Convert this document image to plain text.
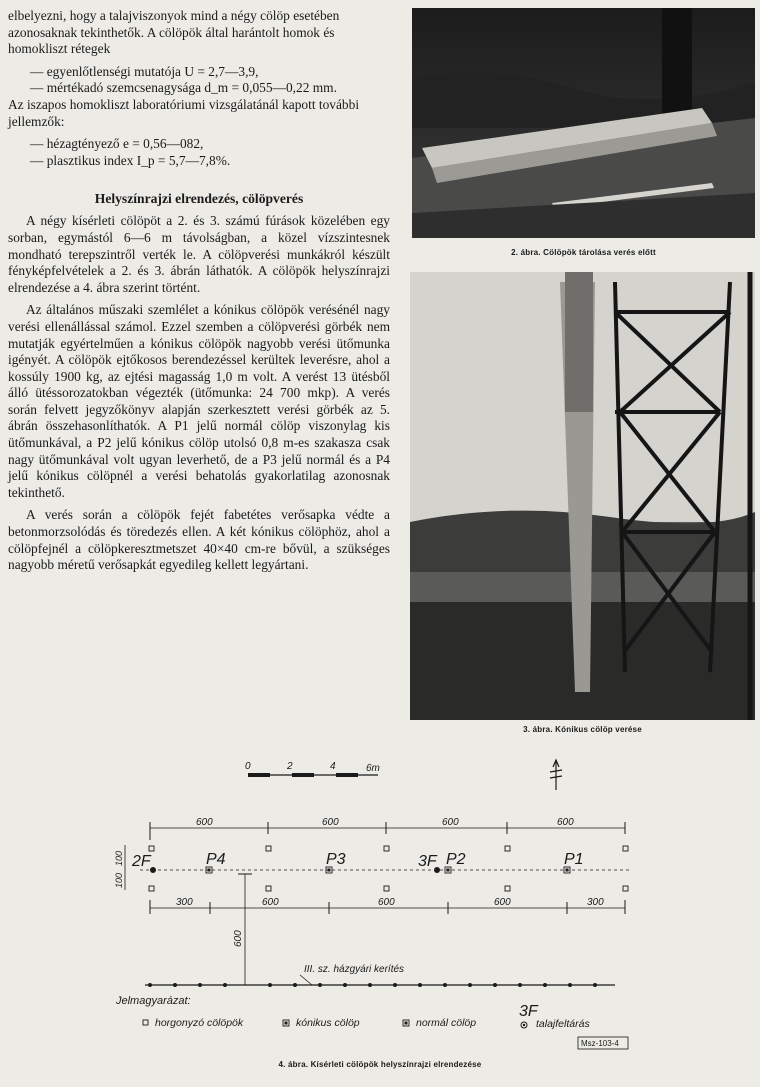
elbelyezni, hogy a talajviszonyok mind a négy cölöp esetében azonosaknak tekinthetők. A cölöpök által harántolt homok és homokliszt rétegek

— egyenlőtlenségi mutatója U = 2,7—3,9,

— mértékadó szemcsenagysága d_m = 0,055—0,22 mm.

Az iszapos homokliszt laboratóriumi vizsgálatánál kapott további jellemzők:

— hézagtényező e = 0,56—082,

— plasztikus index I_p = 5,7—7,8%.

Helyszínrajzi elrendezés, cölöpverés

A négy kísérleti cölöpöt a 2. és 3. számú fúrások közelében egy sorban, egymástól 6—6 m távolságban, a közel vízszintesnek mondható terepszintről verték le. A cölöpverési munkákról készült fényképfelvételek a 2. és 3. ábrán láthatók. A cölöpök helyszínrajzi elrendezése a 4. ábra szerint történt.

Az általános műszaki szemlélet a kónikus cölöpök verésénél nagy verési ellenállással számol. Ezzel szemben a cölöpverési görbék nem mutatják egyértelműen a kónikus cölöpök nagyobb verési ütőmunka igényét. A cölöpök ejtőkosos berendezéssel kerültek leverésre, ahol a kossúly 1900 kg, az ejtési magasság 1,0 m volt. A verést 13 ütésből álló ütéssorozatokban végezték (ütőmunka: 24 700 mkp). A verés során felvett jegyzőkönyv alapján szerkesztett verési görbék az 5. ábrán összehasonlíthatók. A P1 jelű normál cölöp viszonylag kis ütőmunkával, a P2 jelű kónikus cölöp utolsó 0,8 m-es szakasza csak nagy ütőmunkával volt ugyan leverhető, de a P3 jelű normál és a P4 jelű kónikus cölöpnél a verési behatolás gyakorlatilag azonosnak tekinthető.

A verés során a cölöpök fejét fabetétes verősapka védte a betonmorzsolódás és töredezés ellen. A két kónikus cölöphöz, ahol a cölöpfejnél a cölöpkeresztmetszet 40×40 cm-re bővül, a szükséges nagyobb méretű verősapkát egyedileg kellett legyártani.

2. ábra. Cölöpök tárolása verés előtt
3. ábra. Kónikus cölöp verése
0	2	4	6m
600	600	600	600
100
100
2F	P4	P3	3F P2	P1
300	600	600	600	300
600
III. sz. házgyári kerítés
Jelmagyarázat:
horgonyzó cölöpök	kónikus cölöp	normál cölöp
3F
talajfeltárás
Msz-103-4
4. ábra. Kísérleti cölöpök helyszínrajzi elrendezése
